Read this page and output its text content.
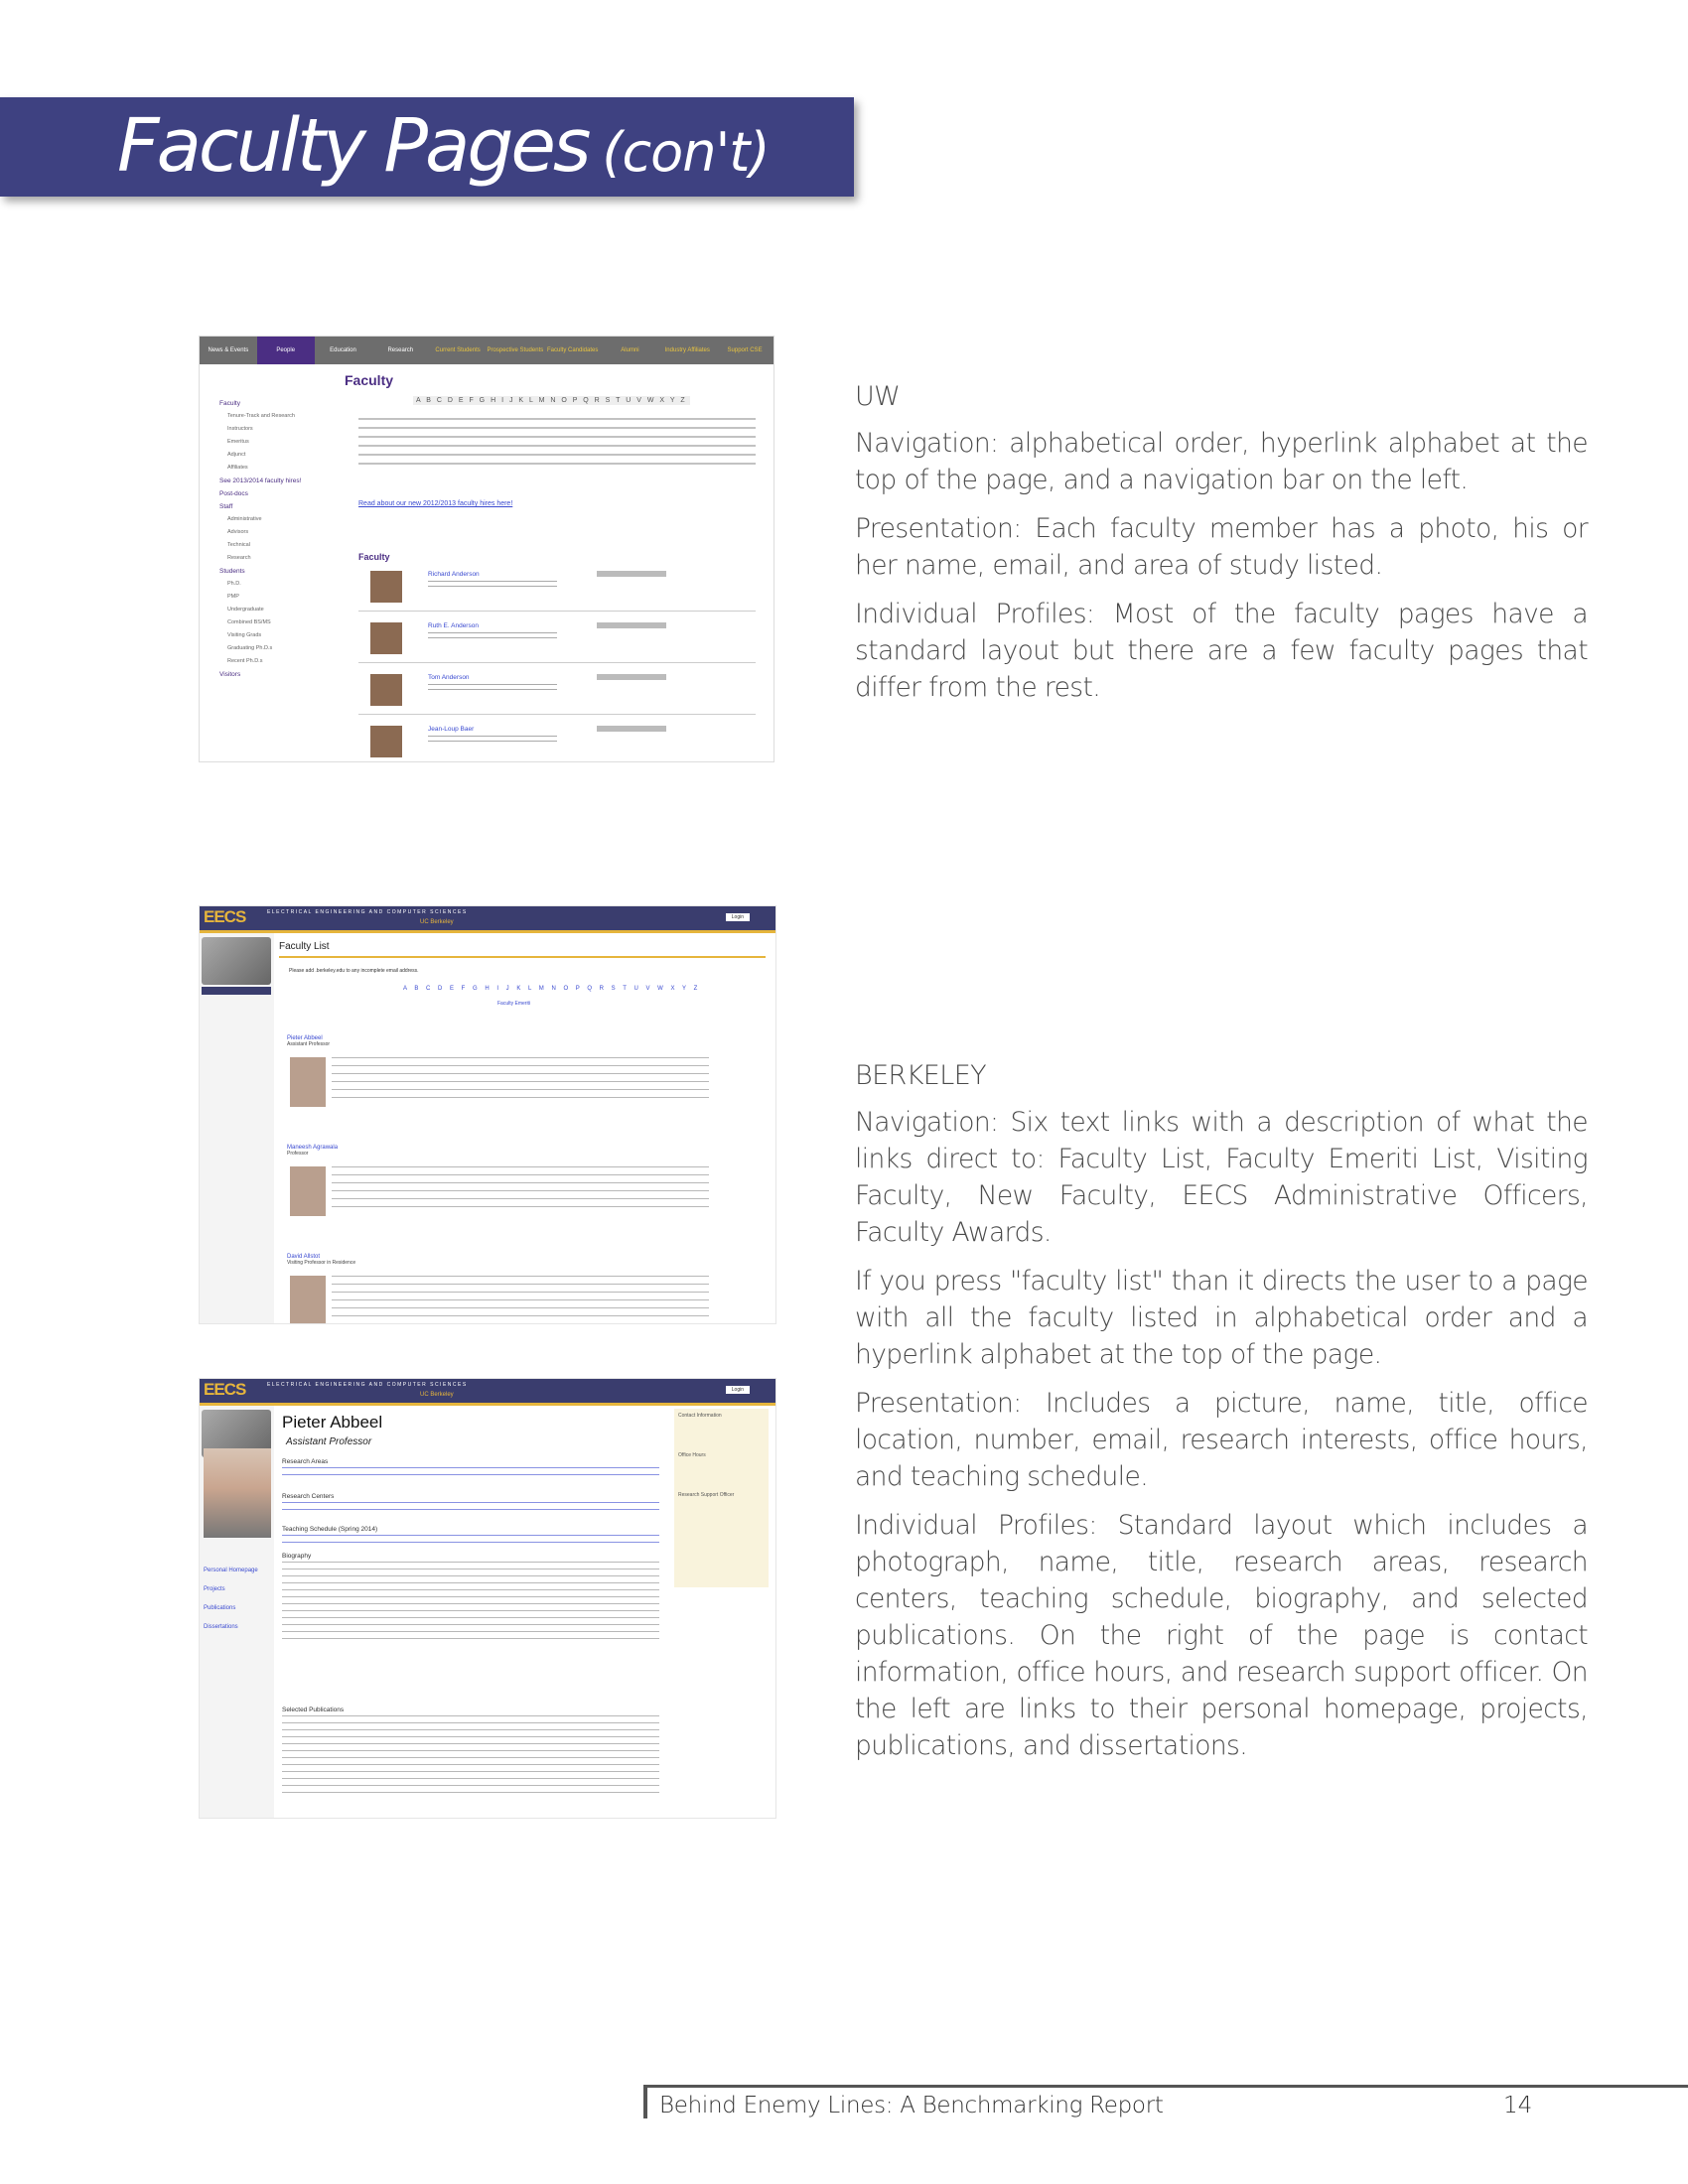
Faculty Pages (con't)
News & Events	People	Education	Research	Current Students	Prospective Students Faculty Candidates	Alumni	Industry Affiliates	Support CSE
Faculty
A B C D E F G H I J K L M N O P Q R S T U V W X Y Z
Faculty
Tenure-Track and Research
Instructors
Emeritus
Adjunct
Affiliates
See 2013/2014 faculty hires!
Post-docs
Staff
Administrative
Advisors
Technical
Research
Students
Ph.D.
PMP
Undergraduate
Combined BS/MS
Visiting Grads
Graduating Ph.D.s
Recent Ph.D.s
Visitors
Read about our new 2012/2013 faculty hires here!
Faculty
Richard Anderson
Ruth E. Anderson
Tom Anderson
Jean-Loup Baer
EECS	ELECTRICAL ENGINEERING AND COMPUTER SCIENCES
UC Berkeley
Login
Faculty List
Please add .berkeley.edu to any incomplete email address.
A B C D E F G H I J K L M N O P Q R S T U V W X Y Z
Faculty Emeriti
Pieter Abbeel
Assistant Professor
Maneesh Agrawala
Professor
David Allstot
Visiting Professor in Residence
EECS	ELECTRICAL ENGINEERING AND COMPUTER SCIENCES
UC Berkeley
Login
Pieter Abbeel
Assistant Professor
Research Areas
Research Centers
Teaching Schedule (Spring 2014)
Biography
Selected Publications
Personal Homepage
Projects
Publications
Dissertations
Contact Information
Office Hours
Research Support Officer
UW

Navigation: alphabetical order, hyperlink alphabet at the top of the page, and a navigation bar on the left.

Presentation: Each faculty member has a photo, his or her name, email, and area of study listed.

Individual Profiles: Most of the faculty pages have a standard layout but there are a few faculty pages that differ from the rest.

BERKELEY

Navigation: Six text links with a description of what the links direct to: Faculty List, Faculty Emeriti List, Visiting Faculty, New Faculty, EECS Administrative Officers, Faculty Awards.

If you press "faculty list" than it directs the user to a page with all the faculty listed in alphabetical order and a hyperlink alphabet at the top of the page.

Presentation: Includes a picture, name, title, office location, number, email, research interests, office hours, and teaching schedule.

Individual Profiles: Standard layout which includes a photograph, name, title, research areas, research centers, teaching schedule, biography, and selected publications. On the right of the page is contact information, office hours, and research support officer. On the left are links to their personal homepage, projects, publications, and dissertations.

Behind Enemy Lines: A Benchmarking Report	14
